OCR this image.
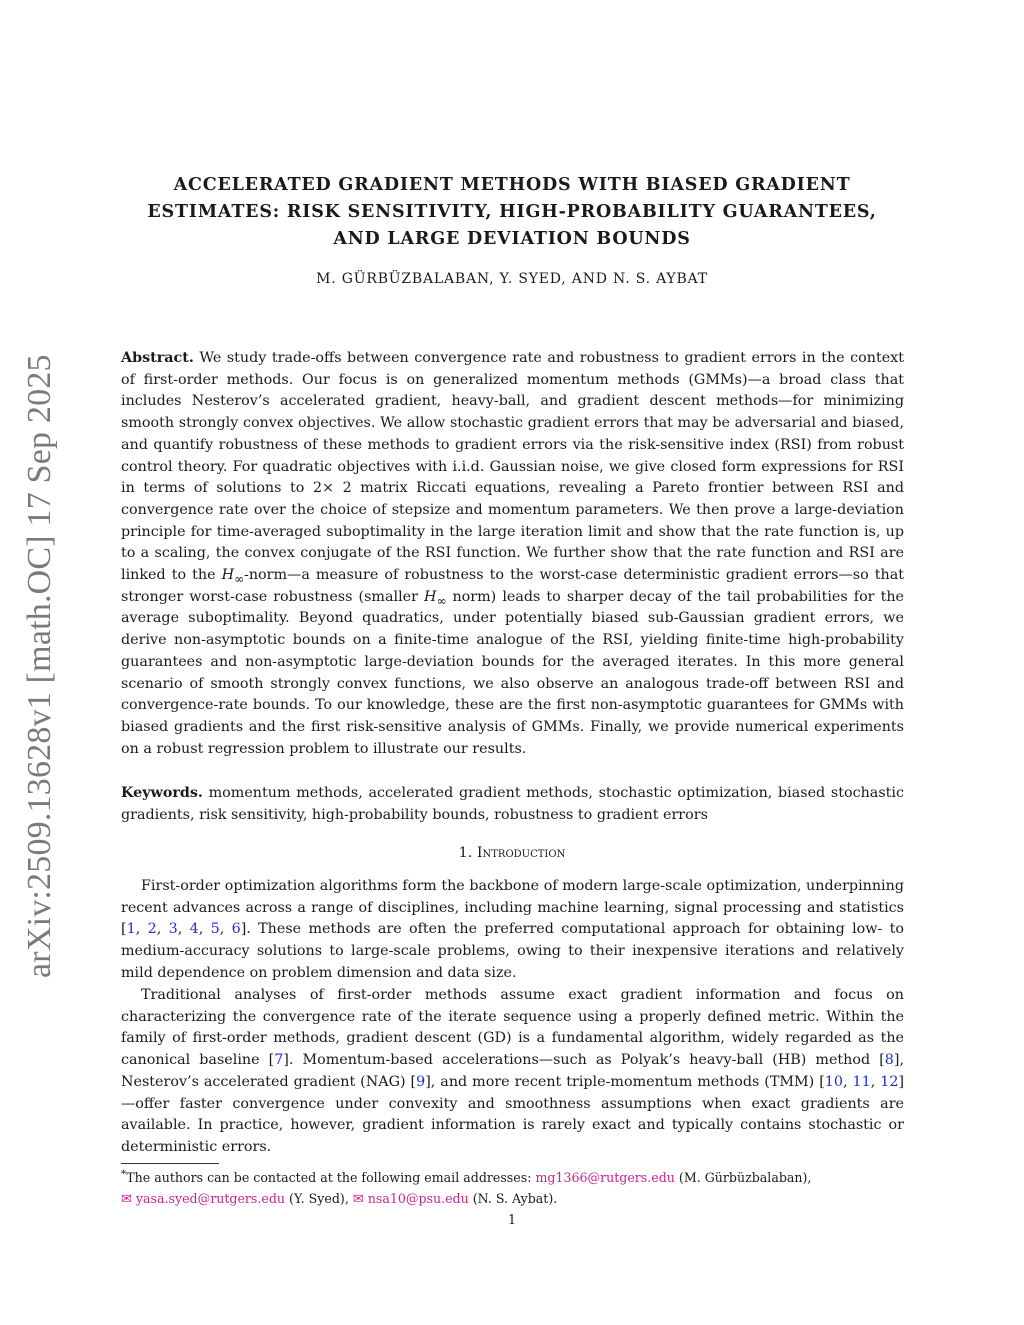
arXiv:2509.13628v1 [math.OC] 17 Sep 2025
ACCELERATED GRADIENT METHODS WITH BIASED GRADIENT
ESTIMATES: RISK SENSITIVITY, HIGH-PROBABILITY GUARANTEES,
AND LARGE DEVIATION BOUNDS
M. GÜRBÜZBALABAN, Y. SYED, AND N. S. AYBAT
Abstract. We study trade-offs between convergence rate and robustness to gradient errors in the context of first-order methods. Our focus is on generalized momentum methods (GMMs)—a broad class that includes Nesterov’s accelerated gradient, heavy-ball, and gradient descent methods—for minimizing smooth strongly convex objectives. We allow stochastic gradient errors that may be adversarial and biased, and quantify robustness of these methods to gradient errors via the risk-sensitive index (RSI) from robust control theory. For quadratic objectives with i.i.d. Gaussian noise, we give closed form expressions for RSI in terms of solutions to 2× 2 matrix Riccati equations, revealing a Pareto frontier between RSI and convergence rate over the choice of stepsize and momentum parameters. We then prove a large-deviation principle for time-averaged suboptimality in the large iteration limit and show that the rate function is, up to a scaling, the convex conjugate of the RSI function. We further show that the rate function and RSI are linked to the $H_\infty-norm—a$ measure of robustness to the worst-case deterministic gradient errors—so that stronger worst-case robustness (smaller $H_\infty$ norm) leads to sharper decay of the tail probabilities for the average suboptimality. Beyond quadratics, under potentially biased sub-Gaussian gradient errors, we derive non-asymptotic bounds on a finite-time analogue of the RSI, yielding finite-time high-probability guarantees and non-asymptotic large-deviation bounds for the averaged iterates. In this more general scenario of smooth strongly convex functions, we also observe an analogous trade-off between RSI and convergence-rate bounds. To our knowledge, these are the first non-asymptotic guarantees for GMMs with biased gradients and the first risk-sensitive analysis of GMMs. Finally, we provide numerical experiments on a robust regression problem to illustrate our results.
Keywords. momentum methods, accelerated gradient methods, stochastic optimization, biased stochastic gradients, risk sensitivity, high-probability bounds, robustness to gradient errors
1. Introduction
First-order optimization algorithms form the backbone of modern large-scale optimization, underpinning recent advances across a range of disciplines, including machine learning, signal processing and statistics [1, 2, 3, 4, 5, 6]. These methods are often the preferred computational approach for obtaining low- to medium-accuracy solutions to large-scale problems, owing to their inexpensive iterations and relatively mild dependence on problem dimension and data size.
Traditional analyses of first-order methods assume exact gradient information and focus on characterizing the convergence rate of the iterate sequence using a properly defined metric. Within the family of first-order methods, gradient descent (GD) is a fundamental algorithm, widely regarded as the canonical baseline [7]. Momentum-based accelerations—such as Polyak’s heavy-ball (HB) method [8], Nesterov’s accelerated gradient (NAG) [9], and more recent triple-momentum methods (TMM) [10, 11, 12]—offer faster convergence under convexity and smoothness assumptions when exact gradients are available. In practice, however, gradient information is rarely exact and typically contains stochastic or deterministic errors.
*The authors can be contacted at the following email addresses: mg1366@rutgers.edu (M. Gürbüzbalaban),
✉ yasa.syed@rutgers.edu (Y. Syed), ✉ nsa10@psu.edu (N. S. Aybat).
1
